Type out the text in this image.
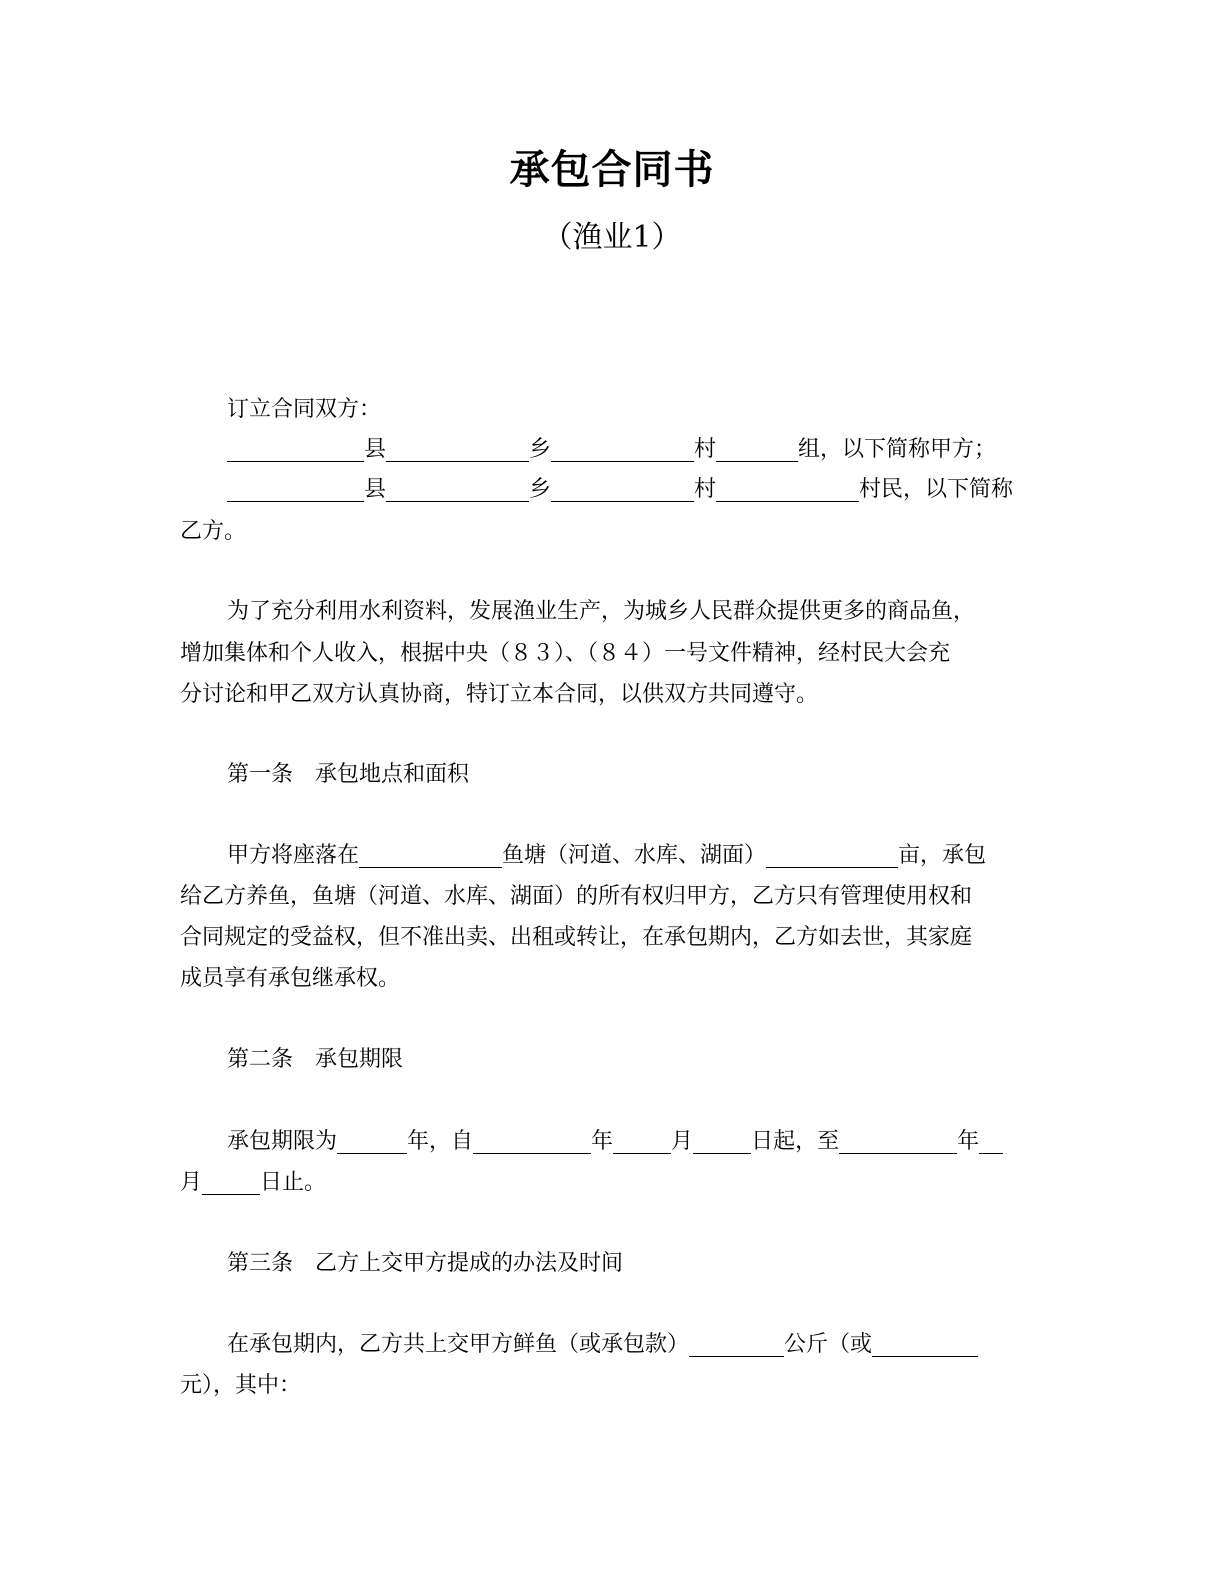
承包合同书
（渔业1）
订立合同双方：
县	乡	村	组，以下简称甲方；
县	乡	村	村民，以下简称
乙方。
为了充分利用水利资料，发展渔业生产，为城乡人民群众提供更多的商品鱼，
增加集体和个人收入，根据中央（８３）、（８４）一号文件精神，经村民大会充
分讨论和甲乙双方认真协商，特订立本合同，以供双方共同遵守。
第一条　承包地点和面积
甲方将座落在	鱼塘（河道、水库、湖面）	亩，承包
给乙方养鱼，鱼塘（河道、水库、湖面）的所有权归甲方，乙方只有管理使用权和
合同规定的受益权，但不准出卖、出租或转让，在承包期内，乙方如去世，其家庭
成员享有承包继承权。
第二条　承包期限
承包期限为	年，自	年	月	日起，至	年
月	日止。
第三条　乙方上交甲方提成的办法及时间
在承包期内，乙方共上交甲方鲜鱼（或承包款）	公斤（或
元），其中：
